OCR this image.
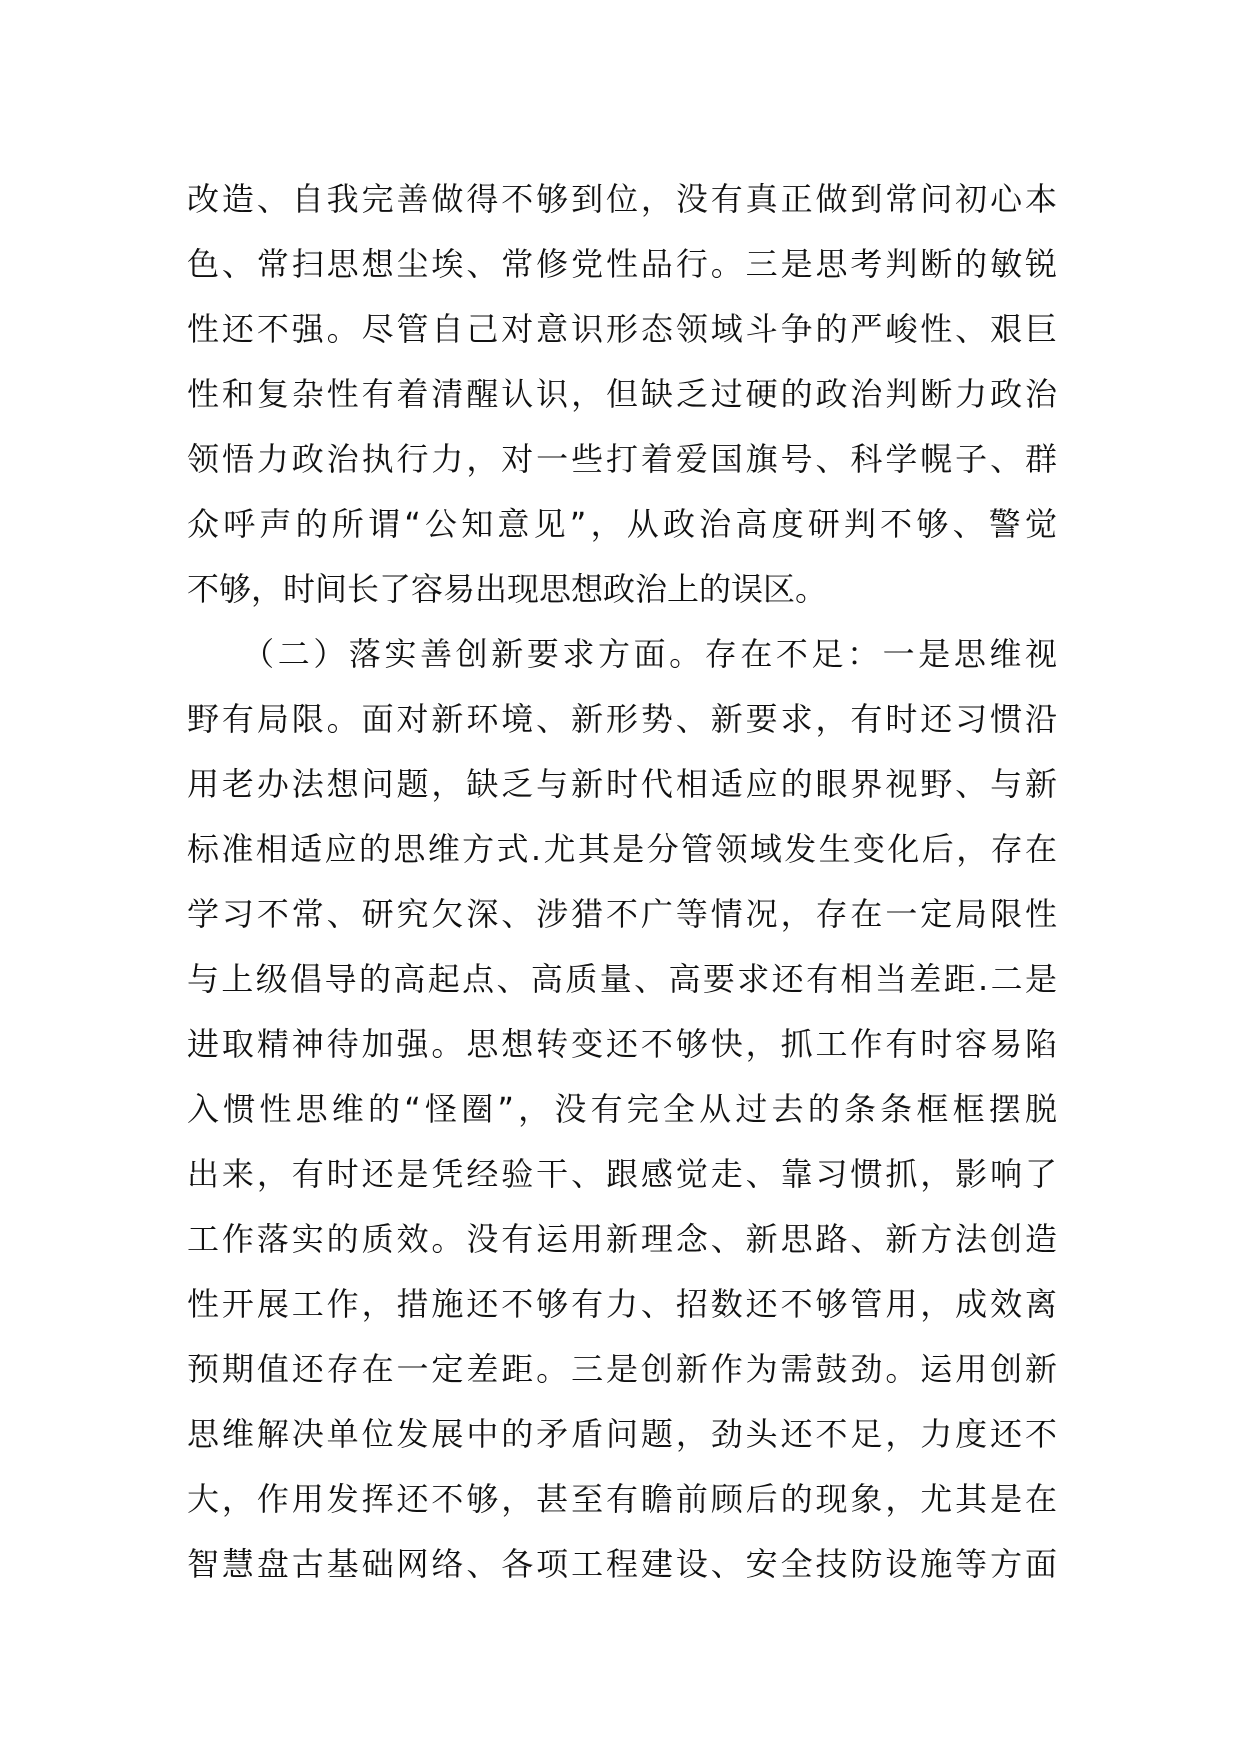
改造、自我完善做得不够到位，没有真正做到常问初心本
色、常扫思想尘埃、常修党性品行。三是思考判断的敏锐
性还不强。尽管自己对意识形态领域斗争的严峻性、艰巨
性和复杂性有着清醒认识，但缺乏过硬的政治判断力政治
领悟力政治执行力，对一些打着爱国旗号、科学幌子、群
众呼声的所谓“公知意见”，从政治高度研判不够、警觉
不够，时间长了容易出现思想政治上的误区。
　　（二）落实善创新要求方面。存在不足：一是思维视
野有局限。面对新环境、新形势、新要求，有时还习惯沿
用老办法想问题，缺乏与新时代相适应的眼界视野、与新
标准相适应的思维方式.尤其是分管领域发生变化后，存在
学习不常、研究欠深、涉猎不广等情况，存在一定局限性
与上级倡导的高起点、高质量、高要求还有相当差距.二是
进取精神待加强。思想转变还不够快，抓工作有时容易陷
入惯性思维的“怪圈”，没有完全从过去的条条框框摆脱
出来，有时还是凭经验干、跟感觉走、靠习惯抓，影响了
工作落实的质效。没有运用新理念、新思路、新方法创造
性开展工作，措施还不够有力、招数还不够管用，成效离
预期值还存在一定差距。三是创新作为需鼓劲。运用创新
思维解决单位发展中的矛盾问题，劲头还不足，力度还不
大，作用发挥还不够，甚至有瞻前顾后的现象，尤其是在
智慧盘古基础网络、各项工程建设、安全技防设施等方面
